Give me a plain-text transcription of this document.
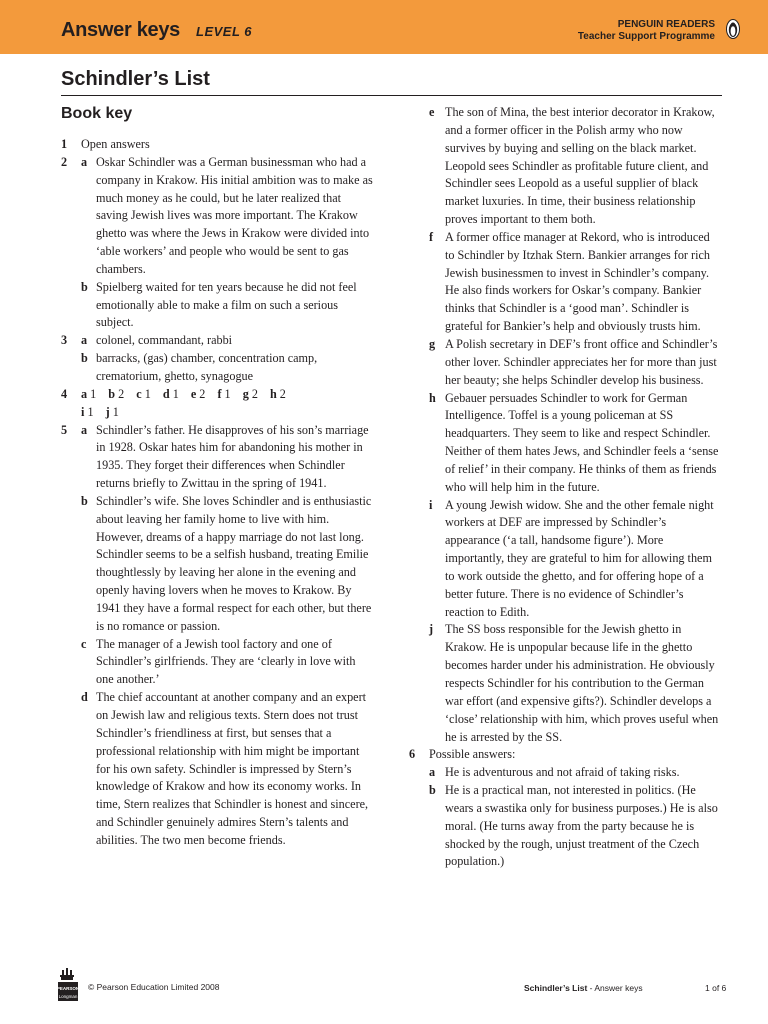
Answer keys LEVEL 6	PENGUIN READERS
Teacher Support Programme
Schindler’s List
Book key
1	Open answers
2 a Oskar Schindler was a German businessman who had a company in Krakow. His initial ambition was to make as much money as he could, but he later realized that saving Jewish lives was more important. The Krakow ghetto was where the Jews in Krakow were divided into ‘able workers’ and people who would be sent to gas chambers.
b Spielberg waited for ten years because he did not feel emotionally able to make a film on such a serious subject.
3 a colonel, commandant, rabbi
b barracks, (gas) chamber, concentration camp, crematorium, ghetto, synagogue
4	a 1 b 2 c 1 d 1 e 2 f 1 g 2 h 2
i 1 j 1
5 a Schindler’s father. He disapproves of his son’s marriage in 1928. Oskar hates him for abandoning his mother in 1935. They forget their differences when Schindler returns briefly to Zwittau in the spring of 1941.
b Schindler’s wife. She loves Schindler and is enthusiastic about leaving her family home to live with him. However, dreams of a happy marriage do not last long. Schindler seems to be a selfish husband, treating Emilie thoughtlessly by leaving her alone in the evening and openly having lovers when he moves to Krakow. By 1941 they have a formal respect for each other, but there is no romance or passion.
c The manager of a Jewish tool factory and one of Schindler’s girlfriends. They are ‘clearly in love with one another.’
d The chief accountant at another company and an expert on Jewish law and religious texts. Stern does not trust Schindler’s friendliness at first, but senses that a professional relationship with him might be important for his own safety. Schindler is impressed by Stern’s knowledge of Krakow and how its economy works. In time, Stern realizes that Schindler is honest and sincere, and Schindler genuinely admires Stern’s talents and abilities. The two men become friends.
e The son of Mina, the best interior decorator in Krakow, and a former officer in the Polish army who now survives by buying and selling on the black market. Leopold sees Schindler as profitable future client, and Schindler sees Leopold as a useful supplier of black market luxuries. In time, their business relationship proves important to them both.
f A former office manager at Rekord, who is introduced to Schindler by Itzhak Stern. Bankier arranges for rich Jewish businessmen to invest in Schindler’s company. He also finds workers for Oskar’s company. Bankier thinks that Schindler is a ‘good man’. Schindler is grateful for Bankier’s help and obviously trusts him.
g A Polish secretary in DEF’s front office and Schindler’s other lover. Schindler appreciates her for more than just her beauty; she helps Schindler develop his business.
h Gebauer persuades Schindler to work for German Intelligence. Toffel is a young policeman at SS headquarters. They seem to like and respect Schindler. Neither of them hates Jews, and Schindler feels a ‘sense of relief’ in their company. He thinks of them as friends who will help him in the future.
i A young Jewish widow. She and the other female night workers at DEF are impressed by Schindler’s appearance (‘a tall, handsome figure’). More importantly, they are grateful to him for allowing them to work outside the ghetto, and for offering hope of a better future. There is no evidence of Schindler’s reaction to Edith.
j The SS boss responsible for the Jewish ghetto in Krakow. He is unpopular because life in the ghetto becomes harder under his administration. He obviously respects Schindler for his contribution to the German war effort (and expensive gifts?). Schindler develops a ‘close’ relationship with him, which proves useful when he is arrested by the SS.
6	Possible answers:
a He is adventurous and not afraid of taking risks.
b He is a practical man, not interested in politics. (He wears a swastika only for business purposes.) He is also moral. (He turns away from the party because he is shocked by the rough, unjust treatment of the Czech population.)
PEARSON
Longman
© Pearson Education Limited 2008	Schindler’s List - Answer keys	1 of 6
